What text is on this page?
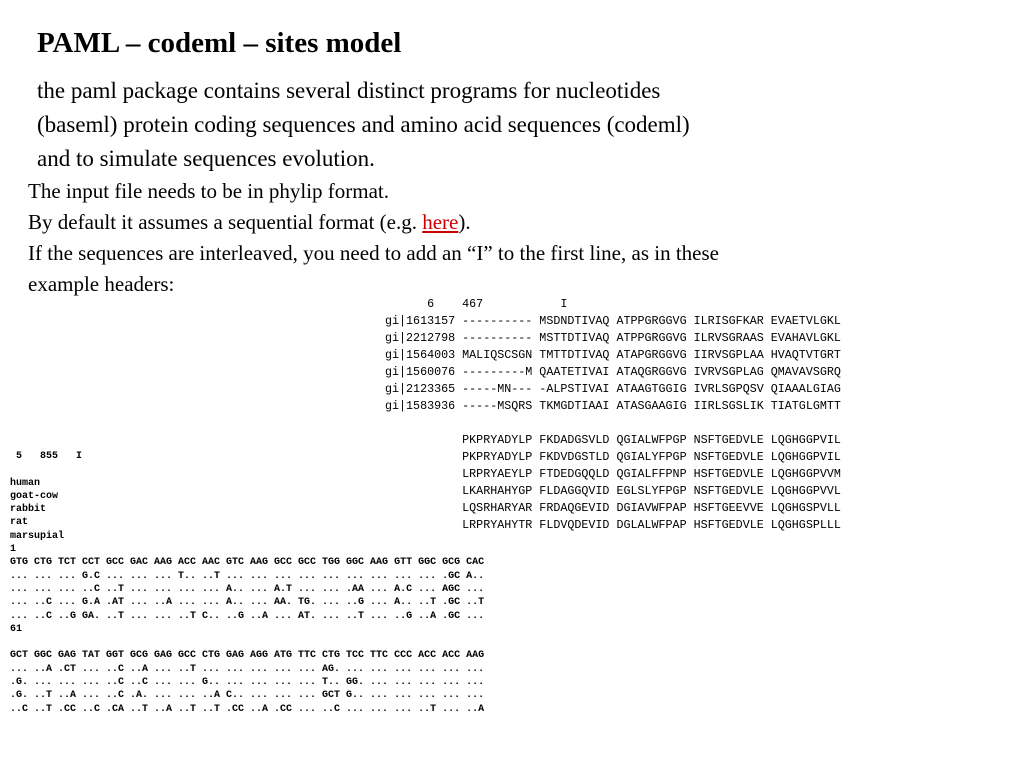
PAML – codeml – sites model
the paml package contains several distinct programs for nucleotides
(baseml) protein coding sequences and amino acid sequences (codeml)
and to simulate sequences evolution.
The input file needs to be in phylip format.
By default it assumes a sequential format (e.g. here).
If the sequences are interleaved, you need to add an “I” to the first line, as in these
example headers:
6    467           I
gi|1613157 ---------- MSDNDTIVAQ ATPPGRGGVG ILRISGFKAR EVAETVLGKL
gi|2212798 ---------- MSTTDTIVAQ ATPPGRGGVG ILRVSGRAAS EVAHAVLGKL
gi|1564003 MALIQSCSGN TMTTDTIVAQ ATAPGRGGVG IIRVSGPLAA HVAQTVTGRT
gi|1560076 ---------M QAATETIVAI ATAQGRGGVG IVRVSGPLAG QMAVAVSGRQ
gi|2123365 -----MN--- -ALPSTIVAI ATAAGTGGIG IVRLSGPQSV QIAAALGIAG
gi|1583936 -----MSQRS TKMGDTIAAI ATASGAAGIG IIRLSGSLIK TIATGLGMTT
PKPRYADYLP FKDADGSVLD QGIALWFPGP NSFTGEDVLE LQGHGGPVIL
PKPRYADYLP FKDVDGSTLD QGIALYFPGP NSFTGEDVLE LQGHGGPVIL
LRPRYAEYLP FTDEDGQQLD QGIALFFPNP HSFTGEDVLE LQGHGGPVVM
LKARHAHYGP FLDAGGQVID EGLSLYFPGP NSFTGEDVLE LQGHGGPVVL
LQSRHARYAR FRDAQGEVID DGIAVWFPAP HSFTGEEVVE LQGHGSPVLL
LRPRYAHYTR FLDVQDEVID DGLALWFPAP HSFTGEDVLE LQGHGSPLLL
5   855   I
human
goat-cow
rabbit
rat
marsupial
1
GTG CTG TCT CCT GCC GAC AAG ACC AAC GTC AAG GCC GCC TGG GGC AAG GTT GGC GCG CAC
... ... ... G.C ... ... ... T.. ..T ... ... ... ... ... ... ... ... ... .GC A..
... ... ... ..C ..T ... ... ... ... A.. ... A.T ... ... .AA ... A.C ... AGC ...
... ..C ... G.A .AT ... ..A ... ... A.. ... AA. TG. ... ..G ... A.. ..T .GC ..T
... ..C ..G GA. ..T ... ... ..T C.. ..G ..A ... AT. ... ..T ... ..G ..A .GC ...
61
GCT GGC GAG TAT GGT GCG GAG GCC CTG GAG AGG ATG TTC CTG TCC TTC CCC ACC ACC AAG
... ..A .CT ... ..C ..A ... ..T ... ... ... ... ... AG. ... ... ... ... ... ...
.G. ... ... ... ..C ..C ... ... G.. ... ... ... ... T.. GG. ... ... ... ... ...
.G. ..T ..A ... ..C .A. ... ... ..A C.. ... ... ... GCT G.. ... ... ... ... ...
..C ..T .CC ..C .CA ..T ..A ..T ..T .CC ..A .CC ... ..C ... ... ... ..T ... ..A
